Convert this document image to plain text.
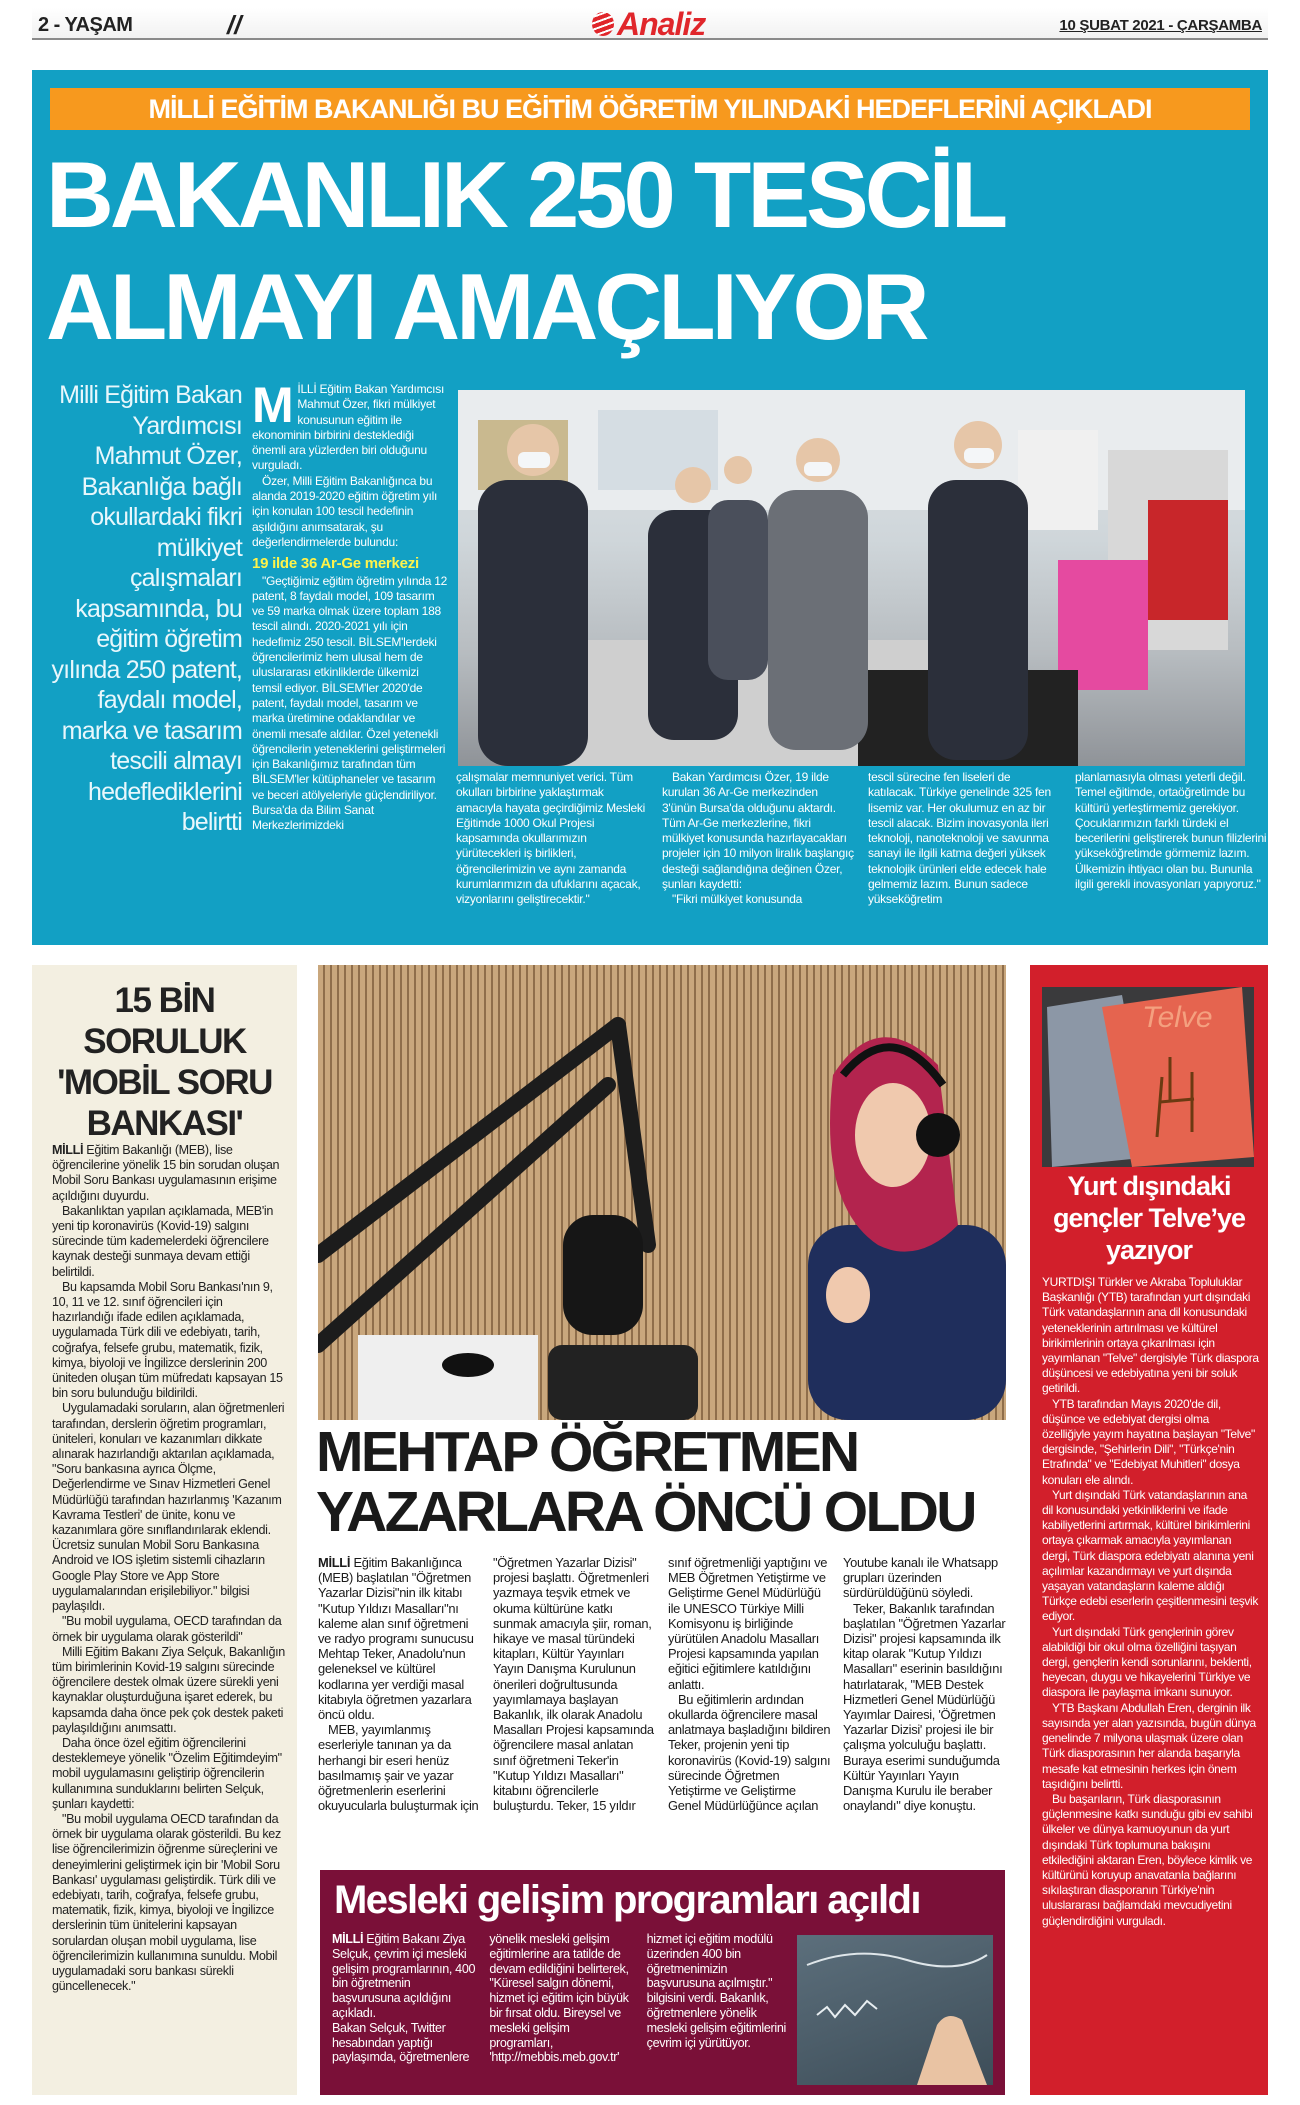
2 - YAŞAM	//	Analiz	10 ŞUBAT 2021 - ÇARŞAMBA
MİLLİ EĞİTİM BAKANLIĞI BU EĞİTİM ÖĞRETİM YILINDAKİ HEDEFLERİNİ AÇIKLADI
BAKANLIK 250 TESCİL
ALMAYI AMAÇLIYOR
Milli Eğitim Bakan Yardımcısı Mahmut Özer, Bakanlığa bağlı okullardaki fikri mülkiyet çalışmaları kapsamında, bu eğitim öğretim yılında 250 patent, faydalı model, marka ve tasarım tescili almayı hedeflediklerini belirtti
M İLLİ Eğitim Bakan Yardımcısı Mahmut Özer, fikri mülkiyet konusunun eğitim ile ekonominin birbirini desteklediği önemli ara yüzlerden biri olduğunu vurguladı.

Özer, Milli Eğitim Bakanlığınca bu alanda 2019-2020 eğitim öğretim yılı için konulan 100 tescil hedefinin aşıldığını anımsatarak, şu değerlendirmelerde bulundu:

19 ilde 36 Ar-Ge merkezi

"Geçtiğimiz eğitim öğretim yılında 12 patent, 8 faydalı model, 109 tasarım ve 59 marka olmak üzere toplam 188 tescil alındı. 2020-2021 yılı için hedefimiz 250 tescil. BİLSEM'lerdeki öğrencilerimiz hem ulusal hem de uluslararası etkinliklerde ülkemizi temsil ediyor. BİLSEM'ler 2020'de patent, faydalı model, tasarım ve marka üretimine odaklandılar ve önemli mesafe aldılar. Özel yetenekli öğrencilerin yeteneklerini geliştirmeleri için Bakanlığımız tarafından tüm BİLSEM'ler kütüphaneler ve tasarım ve beceri atölyeleriyle güçlendiriliyor. Bursa'da da Bilim Sanat Merkezlerimizdeki

çalışmalar memnuniyet verici. Tüm okulları birbirine yaklaştırmak amacıyla hayata geçirdiğimiz Mesleki Eğitimde 1000 Okul Projesi kapsamında okullarımızın yürütecekleri iş birlikleri, öğrencilerimizin ve aynı zamanda kurumlarımızın da ufuklarını açacak, vizyonlarını geliştirecektir."

Bakan Yardımcısı Özer, 19 ilde kurulan 36 Ar-Ge merkezinden 3'ünün Bursa'da olduğunu aktardı. Tüm Ar-Ge merkezlerine, fikri mülkiyet konusunda hazırlayacakları projeler için 10 milyon liralık başlangıç desteği sağlandığına değinen Özer, şunları kaydetti:

"Fikri mülkiyet konusunda

tescil sürecine fen liseleri de katılacak. Türkiye genelinde 325 fen lisemiz var. Her okulumuz en az bir tescil alacak. Bizim inovasyonla ileri teknoloji, nanoteknoloji ve savunma sanayi ile ilgili katma değeri yüksek teknolojik ürünleri elde edecek hale gelmemiz lazım. Bunun sadece yükseköğretim

planlamasıyla olması yeterli değil. Temel eğitimde, ortaöğretimde bu kültürü yerleştirmemiz gerekiyor. Çocuklarımızın farklı türdeki el becerilerini geliştirerek bunun filizlerini yükseköğretimde görmemiz lazım. Ülkemizin ihtiyacı olan bu. Bununla ilgili gerekli inovasyonları yapıyoruz."

15 BİN SORULUK 'MOBİL SORU BANKASI'

MİLLİ Eğitim Bakanlığı (MEB), lise öğrencilerine yönelik 15 bin sorudan oluşan Mobil Soru Bankası uygulamasının erişime açıldığını duyurdu.

Bakanlıktan yapılan açıklamada, MEB'in yeni tip koronavirüs (Kovid-19) salgını sürecinde tüm kademelerdeki öğrencilere kaynak desteği sunmaya devam ettiği belirtildi.

Bu kapsamda Mobil Soru Bankası'nın 9, 10, 11 ve 12. sınıf öğrencileri için hazırlandığı ifade edilen açıklamada, uygulamada Türk dili ve edebiyatı, tarih, coğrafya, felsefe grubu, matematik, fizik, kimya, biyoloji ve İngilizce derslerinin 200 üniteden oluşan tüm müfredatı kapsayan 15 bin soru bulunduğu bildirildi.

Uygulamadaki soruların, alan öğretmenleri tarafından, derslerin öğretim programları, üniteleri, konuları ve kazanımları dikkate alınarak hazırlandığı aktarılan açıklamada, "Soru bankasına ayrıca Ölçme, Değerlendirme ve Sınav Hizmetleri Genel Müdürlüğü tarafından hazırlanmış 'Kazanım Kavrama Testleri' de ünite, konu ve kazanımlara göre sınıflandırılarak eklendi. Ücretsiz sunulan Mobil Soru Bankasına Android ve IOS işletim sistemli cihazların Google Play Store ve App Store uygulamalarından erişilebiliyor." bilgisi paylaşıldı.

"Bu mobil uygulama, OECD tarafından da örnek bir uygulama olarak gösterildi"

Milli Eğitim Bakanı Ziya Selçuk, Bakanlığın tüm birimlerinin Kovid-19 salgını sürecinde öğrencilere destek olmak üzere sürekli yeni kaynaklar oluşturduğuna işaret ederek, bu kapsamda daha önce pek çok destek paketi paylaşıldığını anımsattı.

Daha önce özel eğitim öğrencilerini desteklemeye yönelik "Özelim Eğitimdeyim" mobil uygulamasını geliştirip öğrencilerin kullanımına sunduklarını belirten Selçuk, şunları kaydetti:

"Bu mobil uygulama OECD tarafından da örnek bir uygulama olarak gösterildi. Bu kez lise öğrencilerimizin öğrenme süreçlerini ve deneyimlerini geliştirmek için bir 'Mobil Soru Bankası' uygulaması geliştirdik. Türk dili ve edebiyatı, tarih, coğrafya, felsefe grubu, matematik, fizik, kimya, biyoloji ve İngilizce derslerinin tüm ünitelerini kapsayan sorulardan oluşan mobil uygulama, lise öğrencilerimizin kullanımına sunuldu. Mobil uygulamadaki soru bankası sürekli güncellenecek."

MEHTAP ÖĞRETMEN YAZARLARA ÖNCÜ OLDU

MİLLİ Eğitim Bakanlığınca (MEB) başlatılan "Öğretmen Yazarlar Dizisi"nin ilk kitabı "Kutup Yıldızı Masalları"nı kaleme alan sınıf öğretmeni ve radyo programı sunucusu Mehtap Teker, Anadolu'nun geleneksel ve kültürel kodlarına yer verdiği masal kitabıyla öğretmen yazarlara öncü oldu.

MEB, yayımlanmış eserleriyle tanınan ya da herhangi bir eseri henüz basılmamış şair ve yazar öğretmenlerin eserlerini okuyucularla buluşturmak için "Öğretmen Yazarlar Dizisi" projesi başlattı. Öğretmenleri yazmaya teşvik etmek ve okuma kültürüne katkı sunmak amacıyla şiir, roman, hikaye ve masal türündeki kitapları, Kültür Yayınları Yayın Danışma Kurulunun önerileri doğrultusunda yayımlamaya başlayan Bakanlık, ilk olarak Anadolu Masalları Projesi kapsamında öğrencilere masal anlatan sınıf öğretmeni Teker'in "Kutup Yıldızı Masalları" kitabını öğrencilerle buluşturdu. Teker, 15 yıldır sınıf öğretmenliği yaptığını ve MEB Öğretmen Yetiştirme ve Geliştirme Genel Müdürlüğü ile UNESCO Türkiye Milli Komisyonu iş birliğinde yürütülen Anadolu Masalları Projesi kapsamında yapılan eğitici eğitimlere katıldığını anlattı.

Bu eğitimlerin ardından okullarda öğrencilere masal anlatmaya başladığını bildiren Teker, projenin yeni tip koronavirüs (Kovid-19) salgını sürecinde Öğretmen Yetiştirme ve Geliştirme Genel Müdürlüğünce açılan Youtube kanalı ile Whatsapp grupları üzerinden sürdürüldüğünü söyledi.

Teker, Bakanlık tarafından başlatılan "Öğretmen Yazarlar Dizisi" projesi kapsamında ilk kitap olarak "Kutup Yıldızı Masalları" eserinin basıldığını hatırlatarak, "MEB Destek Hizmetleri Genel Müdürlüğü Yayımlar Dairesi, 'Öğretmen Yazarlar Dizisi' projesi ile bir çalışma yolculuğu başlattı. Buraya eserimi sunduğumda Kültür Yayınları Yayın Danışma Kurulu ile beraber onaylandı" diye konuştu.

Mesleki gelişim programları açıldı

MİLLİ Eğitim Bakanı Ziya Selçuk, çevrim içi mesleki gelişim programlarının, 400 bin öğretmenin başvurusuna açıldığını açıkladı.

Bakan Selçuk, Twitter hesabından yaptığı paylaşımda, öğretmenlere yönelik mesleki gelişim eğitimlerine ara tatilde de devam edildiğini belirterek, "Küresel salgın dönemi, hizmet içi eğitim için büyük bir fırsat oldu. Bireysel ve mesleki gelişim programları, 'http://mebbis.meb.gov.tr' hizmet içi eğitim modülü üzerinden 400 bin öğretmenimizin başvurusuna açılmıştır." bilgisini verdi. Bakanlık, öğretmenlere yönelik mesleki gelişim eğitimlerini çevrim içi yürütüyor.

Telve
Yurt dışındaki gençler Telve’ye yazıyor

YURTDIŞI Türkler ve Akraba Topluluklar Başkanlığı (YTB) tarafından yurt dışındaki Türk vatandaşlarının ana dil konusundaki yeteneklerinin artırılması ve kültürel birikimlerinin ortaya çıkarılması için yayımlanan "Telve" dergisiyle Türk diaspora düşüncesi ve edebiyatına yeni bir soluk getirildi.

YTB tarafından Mayıs 2020'de dil, düşünce ve edebiyat dergisi olma özelliğiyle yayım hayatına başlayan "Telve" dergisinde, "Şehirlerin Dili", "Türkçe'nin Etrafında" ve "Edebiyat Muhitleri" dosya konuları ele alındı.

Yurt dışındaki Türk vatandaşlarının ana dil konusundaki yetkinliklerini ve ifade kabiliyetlerini artırmak, kültürel birikimlerini ortaya çıkarmak amacıyla yayımlanan dergi, Türk diaspora edebiyatı alanına yeni açılımlar kazandırmayı ve yurt dışında yaşayan vatandaşların kaleme aldığı Türkçe edebi eserlerin çeşitlenmesini teşvik ediyor.

Yurt dışındaki Türk gençlerinin görev alabildiği bir okul olma özelliğini taşıyan dergi, gençlerin kendi sorunlarını, beklenti, heyecan, duygu ve hikayelerini Türkiye ve diaspora ile paylaşma imkanı sunuyor.

YTB Başkanı Abdullah Eren, derginin ilk sayısında yer alan yazısında, bugün dünya genelinde 7 milyona ulaşmak üzere olan Türk diasporasının her alanda başarıyla mesafe kat etmesinin herkes için önem taşıdığını belirtti.

Bu başarıların, Türk diasporasının güçlenmesine katkı sunduğu gibi ev sahibi ülkeler ve dünya kamuoyunun da yurt dışındaki Türk toplumuna bakışını etkilediğini aktaran Eren, böylece kimlik ve kültürünü koruyup anavatanla bağlarını sıkılaştıran diasporanın Türkiye'nin uluslararası bağlamdaki mevcudiyetini güçlendirdiğini vurguladı.
